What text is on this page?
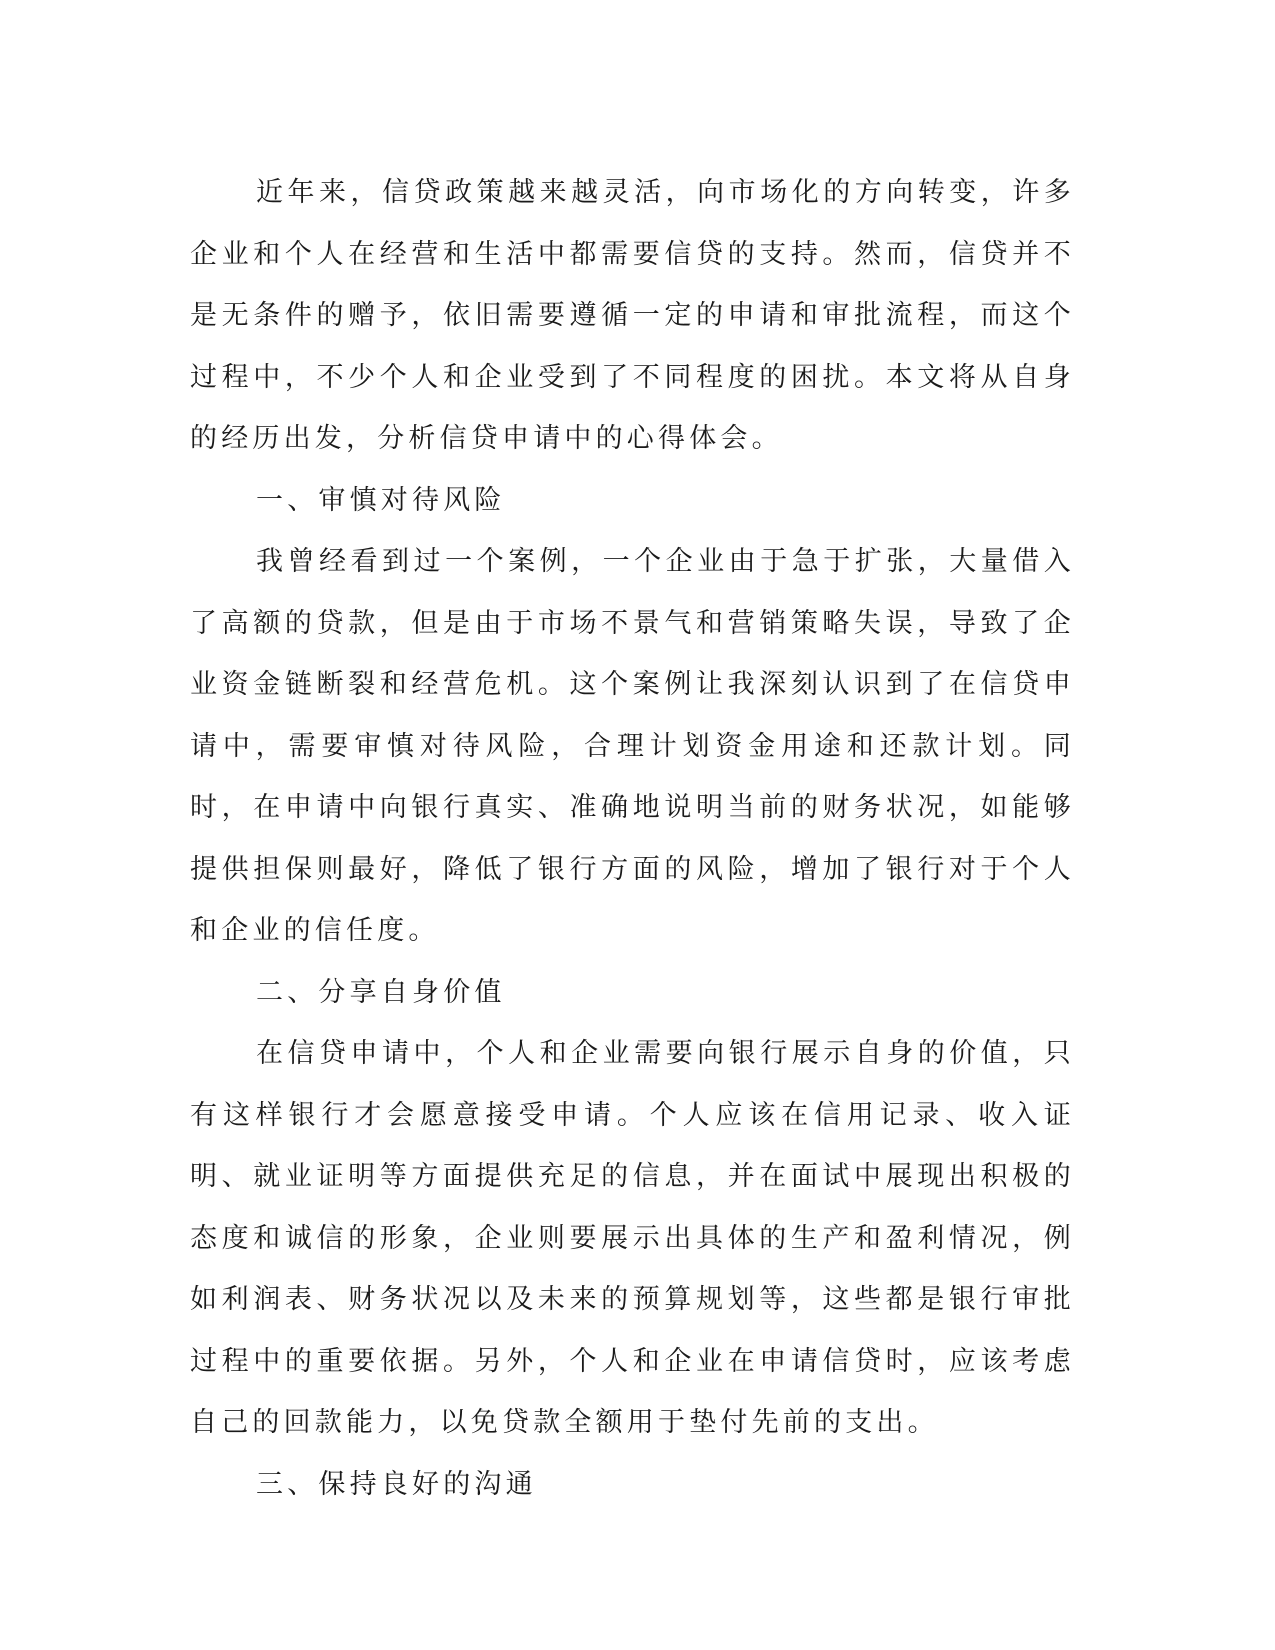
近年来，信贷政策越来越灵活，向市场化的方向转变，许多企业和个人在经营和生活中都需要信贷的支持。然而，信贷并不是无条件的赠予，依旧需要遵循一定的申请和审批流程，而这个过程中，不少个人和企业受到了不同程度的困扰。本文将从自身的经历出发，分析信贷申请中的心得体会。

一、审慎对待风险

我曾经看到过一个案例，一个企业由于急于扩张，大量借入了高额的贷款，但是由于市场不景气和营销策略失误，导致了企业资金链断裂和经营危机。这个案例让我深刻认识到了在信贷申请中，需要审慎对待风险，合理计划资金用途和还款计划。同时，在申请中向银行真实、准确地说明当前的财务状况，如能够提供担保则最好，降低了银行方面的风险，增加了银行对于个人和企业的信任度。

二、分享自身价值

在信贷申请中，个人和企业需要向银行展示自身的价值，只有这样银行才会愿意接受申请。个人应该在信用记录、收入证明、就业证明等方面提供充足的信息，并在面试中展现出积极的态度和诚信的形象，企业则要展示出具体的生产和盈利情况，例如利润表、财务状况以及未来的预算规划等，这些都是银行审批过程中的重要依据。另外，个人和企业在申请信贷时，应该考虑自己的回款能力，以免贷款全额用于垫付先前的支出。

三、保持良好的沟通
